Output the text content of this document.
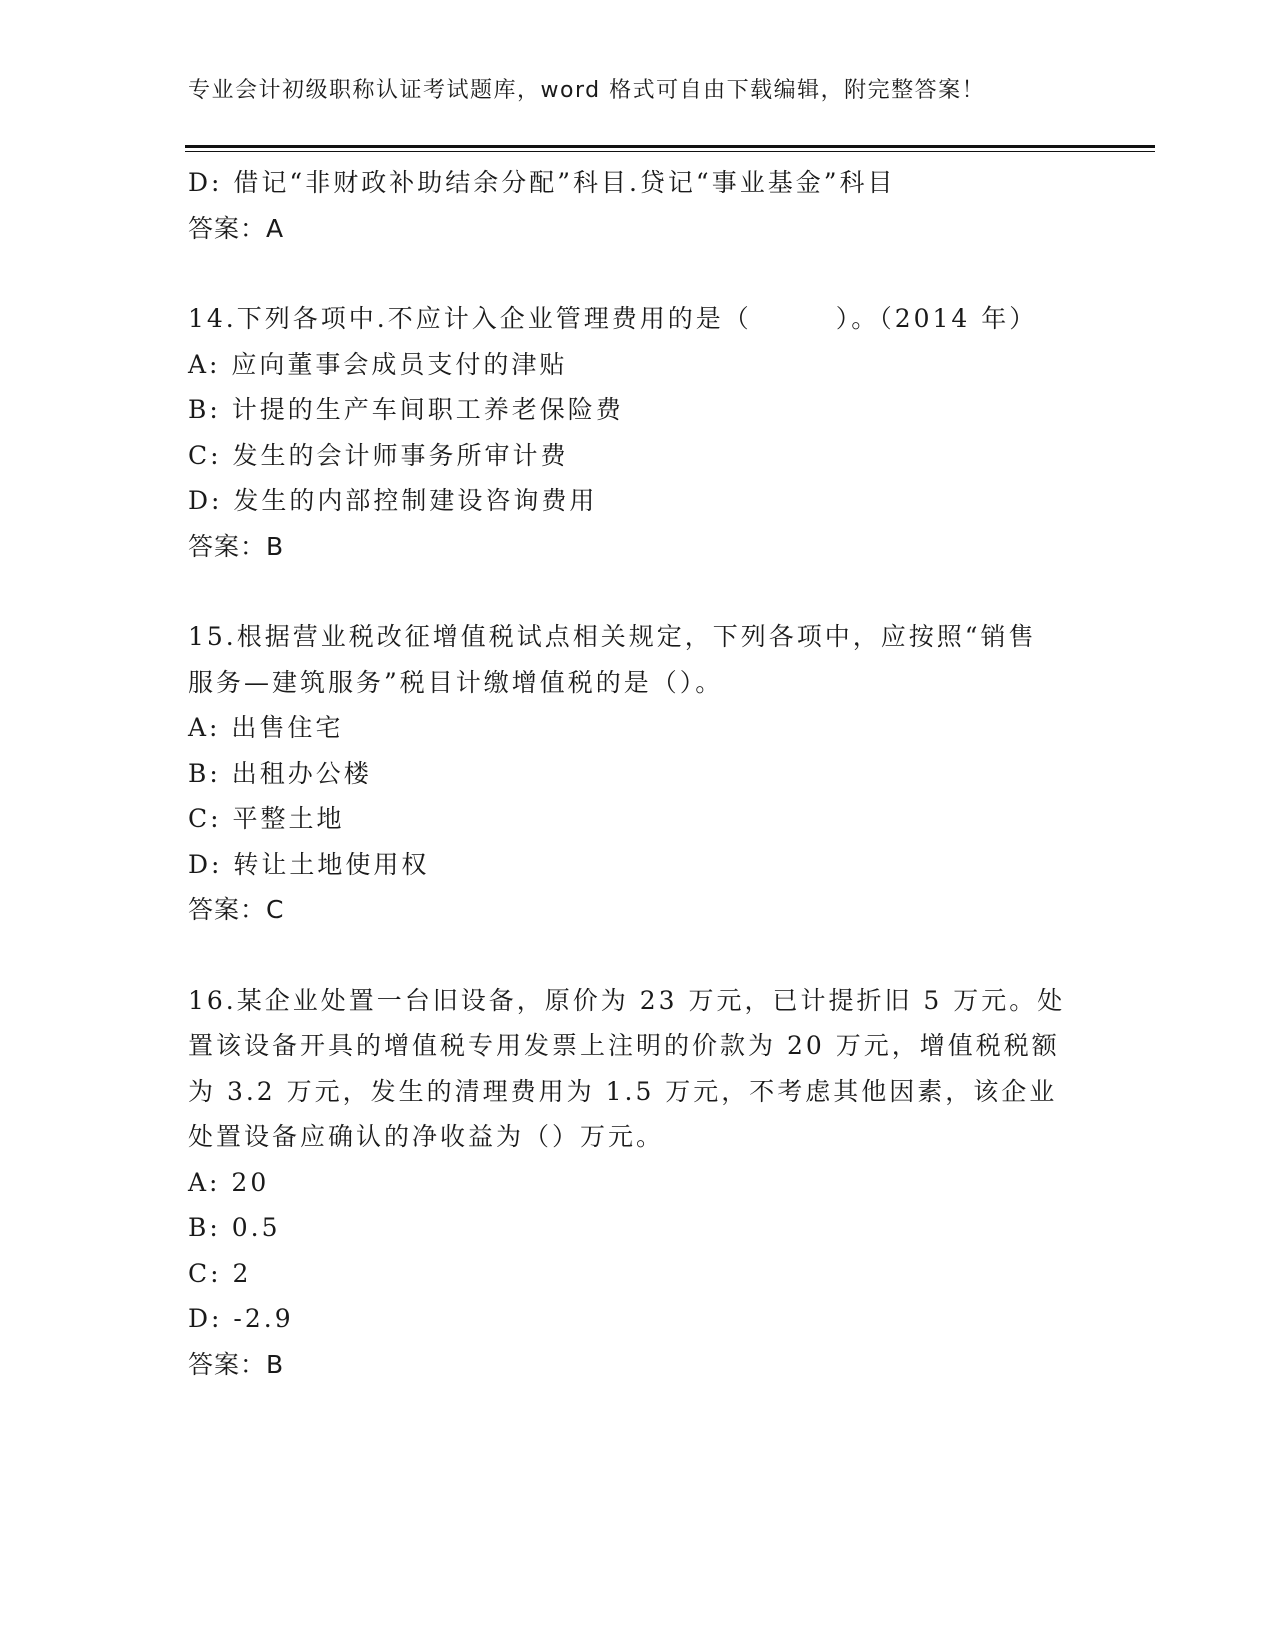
专业会计初级职称认证考试题库，word 格式可自由下载编辑，附完整答案！
D: 借记“非财政补助结余分配”科目.贷记“事业基金”科目
答案：A
14.下列各项中.不应计入企业管理费用的是（　　　）。（2014 年）
A: 应向董事会成员支付的津贴
B: 计提的生产车间职工养老保险费
C: 发生的会计师事务所审计费
D: 发生的内部控制建设咨询费用
答案：B
15.根据营业税改征增值税试点相关规定，下列各项中，应按照“销售
服务—建筑服务”税目计缴增值税的是（）。
A: 出售住宅
B: 出租办公楼
C: 平整土地
D: 转让土地使用权
答案：C
16.某企业处置一台旧设备，原价为 23 万元，已计提折旧 5 万元。处
置该设备开具的增值税专用发票上注明的价款为 20 万元，增值税税额
为 3.2 万元，发生的清理费用为 1.5 万元，不考虑其他因素，该企业
处置设备应确认的净收益为（）万元。
A: 20
B: 0.5
C: 2
D: -2.9
答案：B
